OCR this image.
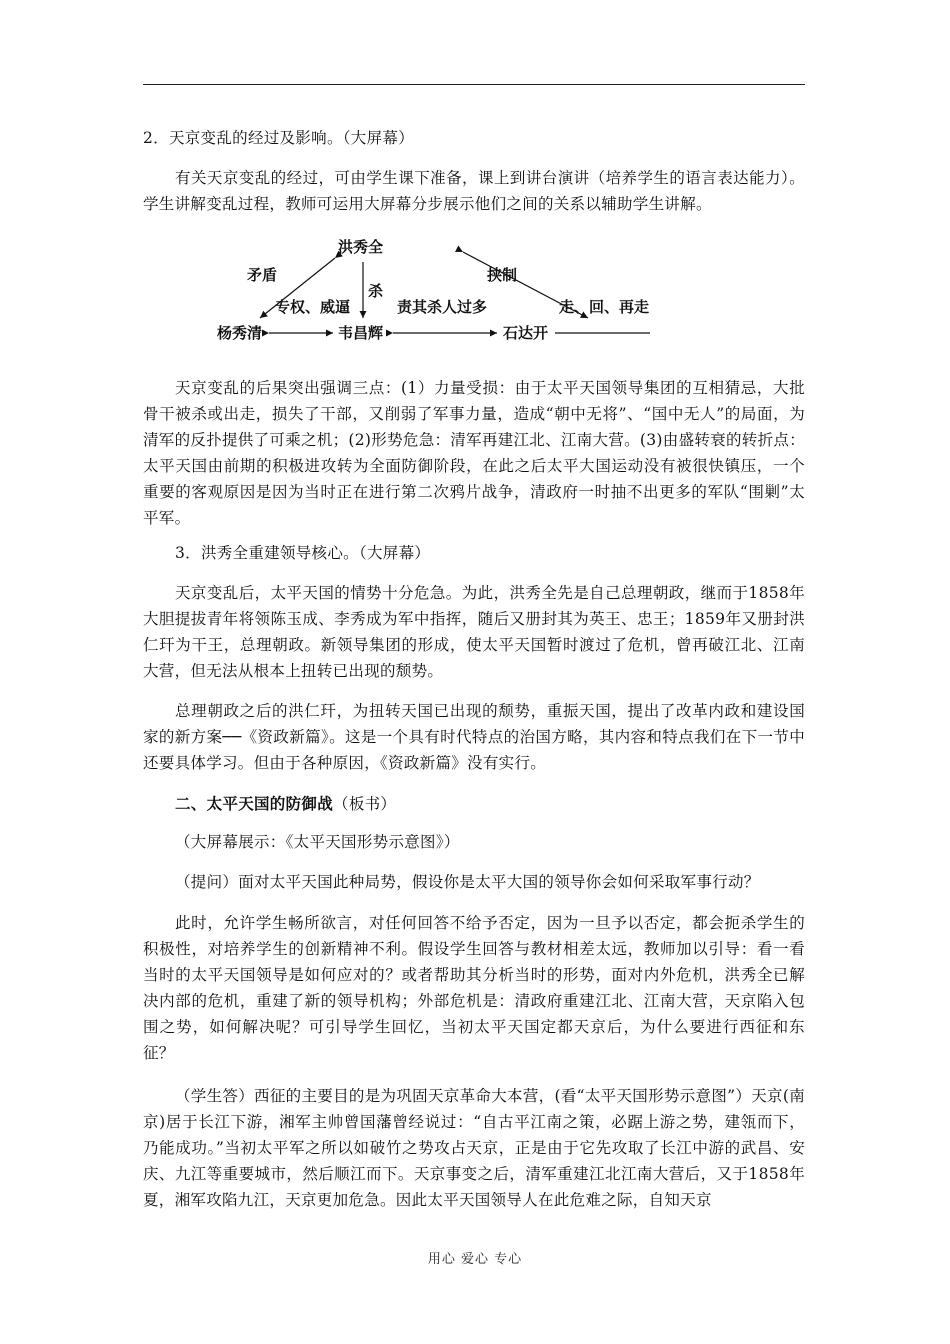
2．天京变乱的经过及影响。（大屏幕）

有关天京变乱的经过，可由学生课下准备，课上到讲台演讲（培养学生的语言表达能力）。学生讲解变乱过程，教师可运用大屏幕分步展示他们之间的关系以辅助学生讲解。

洪秀全
杨秀清	韦昌辉	石达开
矛盾
专权、威逼
杀
责其杀人过多
挟制
走、回、再走

天京变乱的后果突出强调三点：(1）力量受损：由于太平天国领导集团的互相猜忌，大批骨干被杀或出走，损失了干部，又削弱了军事力量，造成“朝中无将”、“国中无人”的局面，为清军的反扑提供了可乘之机；(2)形势危急：清军再建江北、江南大营。(3)由盛转衰的转折点：太平天国由前期的积极进攻转为全面防御阶段，在此之后太平大国运动没有被很快镇压，一个重要的客观原因是因为当时正在进行第二次鸦片战争，清政府一时抽不出更多的军队“围剿”太平军。

3．洪秀全重建领导核心。（大屏幕）

天京变乱后，太平天国的情势十分危急。为此，洪秀全先是自己总理朝政，继而于1858年大胆提拔青年将领陈玉成、李秀成为军中指挥，随后又册封其为英王、忠王；1859年又册封洪仁玕为干王，总理朝政。新领导集团的形成，使太平天国暂时渡过了危机，曾再破江北、江南大营，但无法从根本上扭转已出现的颓势。

总理朝政之后的洪仁玕，为扭转天国已出现的颓势，重振天国，提出了改革内政和建设国家的新方案──《资政新篇》。这是一个具有时代特点的治国方略，其内容和特点我们在下一节中还要具体学习。但由于各种原因，《资政新篇》没有实行。

二、太平天国的防御战（板书）

（大屏幕展示：《太平天国形势示意图》）

（提问）面对太平天国此种局势，假设你是太平大国的领导你会如何采取军事行动？

此时，允许学生畅所欲言，对任何回答不给予否定，因为一旦予以否定，都会扼杀学生的积极性，对培养学生的创新精神不利。假设学生回答与教材相差太远，教师加以引导：看一看当时的太平天国领导是如何应对的？或者帮助其分析当时的形势，面对内外危机，洪秀全已解决内部的危机，重建了新的领导机构；外部危机是：清政府重建江北、江南大营，天京陷入包围之势，如何解决呢？可引导学生回忆，当初太平天国定都天京后，为什么要进行西征和东征？

（学生答）西征的主要目的是为巩固天京革命大本营，(看“太平天国形势示意图”）天京(南京)居于长江下游，湘军主帅曾国藩曾经说过：“自古平江南之策，必踞上游之势，建瓴而下，乃能成功。”当初太平军之所以如破竹之势攻占天京，正是由于它先攻取了长江中游的武昌、安庆、九江等重要城市，然后顺江而下。天京事变之后，清军重建江北江南大营后，又于1858年夏，湘军攻陷九江，天京更加危急。因此太平天国领导人在此危难之际，自知天京

用心 爱心 专心
